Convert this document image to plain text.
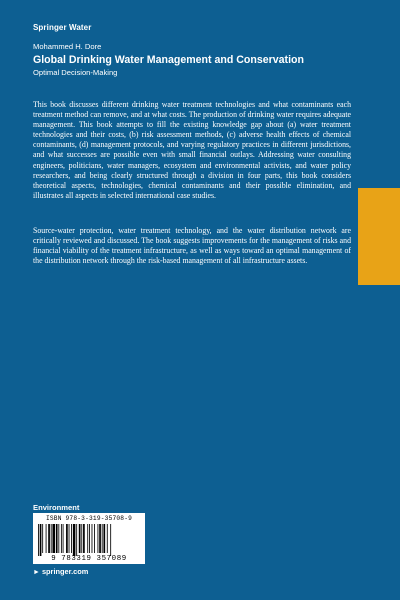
Springer Water
Mohammed H. Dore
Global Drinking Water Management and Conservation
Optimal Decision-Making

This book discusses different drinking water treatment technologies and what contaminants each treatment method can remove, and at what costs. The production of drinking water requires adequate management. This book attempts to fill the existing knowledge gap about (a) water treatment technologies and their costs, (b) risk assessment methods, (c) adverse health effects of chemical contaminants, (d) management protocols, and varying regulatory practices in different jurisdictions, and what successes are possible even with small financial outlays. Addressing water consulting engineers, politicians, water managers, ecosystem and environmental activists, and water policy researchers, and being clearly structured through a division in four parts, this book considers theoretical aspects, technologies, chemical contaminants and their possible elimination, and illustrates all aspects in selected international case studies.

Source-water protection, water treatment technology, and the water distribution network are critically reviewed and discussed. The book suggests improvements for the management of risks and financial viability of the treatment infrastructure, as well as ways toward an optimal management of the distribution network through the risk-based management of all infrastructure assets.

Environment
ISBN 978-3-319-35708-9
9 783319 357089
► springer.com
